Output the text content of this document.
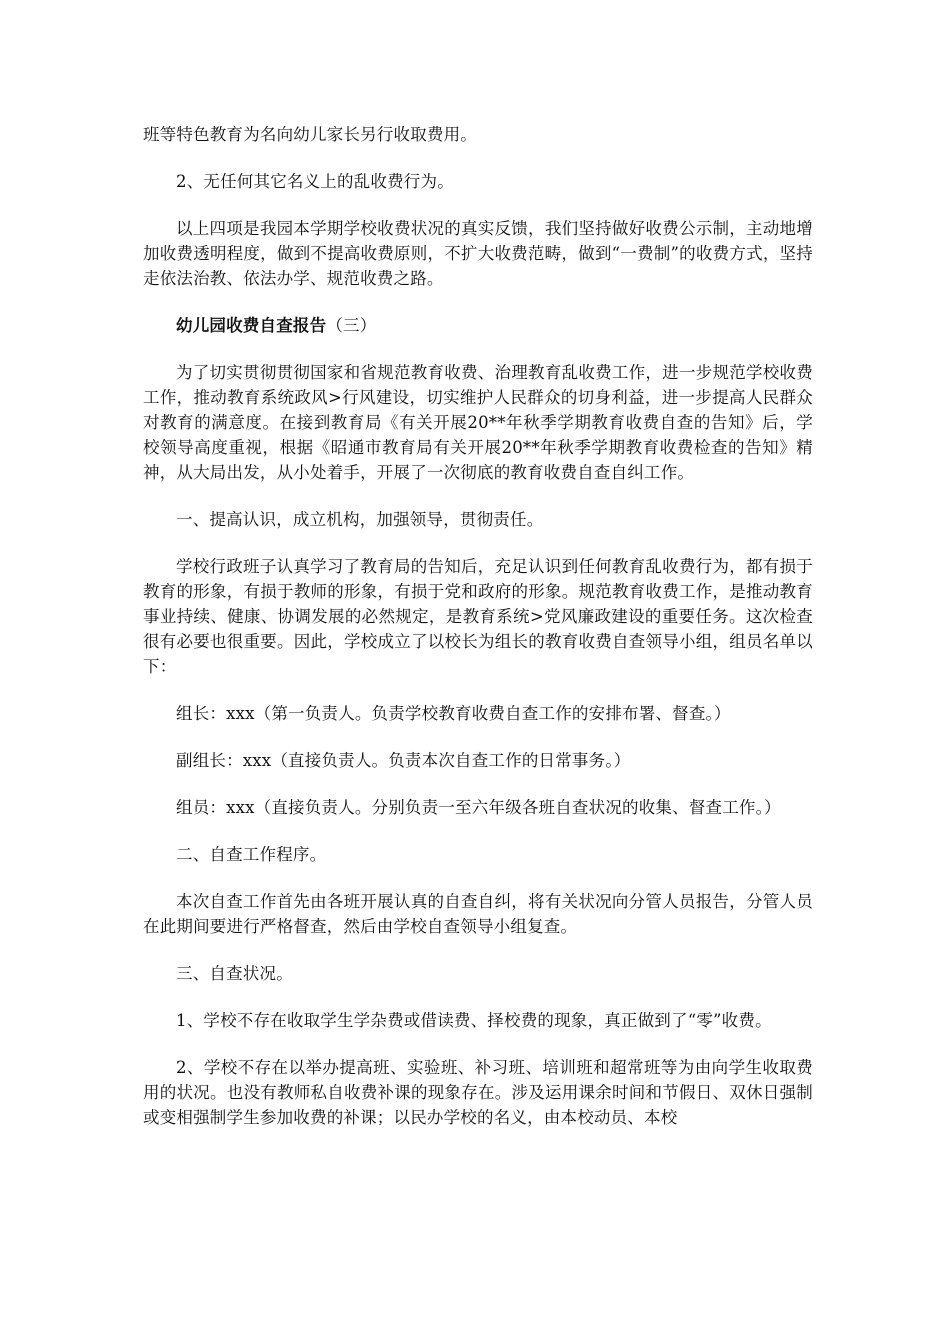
班等特色教育为名向幼儿家长另行收取费用。

2、无任何其它名义上的乱收费行为。

以上四项是我园本学期学校收费状况的真实反馈，我们坚持做好收费公示制，主动地增加收费透明程度，做到不提高收费原则，不扩大收费范畴，做到“一费制”的收费方式，坚持走依法治教、依法办学、规范收费之路。

幼儿园收费自查报告（三）

为了切实贯彻贯彻国家和省规范教育收费、治理教育乱收费工作，进一步规范学校收费工作，推动教育系统政风>行风建设，切实维护人民群众的切身利益，进一步提高人民群众对教育的满意度。在接到教育局《有关开展20**年秋季学期教育收费自查的告知》后，学校领导高度重视，根据《昭通市教育局有关开展20**年秋季学期教育收费检查的告知》精神，从大局出发，从小处着手，开展了一次彻底的教育收费自查自纠工作。

一、提高认识，成立机构，加强领导，贯彻责任。

学校行政班子认真学习了教育局的告知后，充足认识到任何教育乱收费行为，都有损于教育的形象，有损于教师的形象，有损于党和政府的形象。规范教育收费工作，是推动教育事业持续、健康、协调发展的必然规定，是教育系统>党风廉政建设的重要任务。这次检查很有必要也很重要。因此，学校成立了以校长为组长的教育收费自查领导小组，组员名单以下：

组长：xxx（第一负责人。负责学校教育收费自查工作的安排布署、督查。）

副组长：xxx（直接负责人。负责本次自查工作的日常事务。）

组员：xxx（直接负责人。分别负责一至六年级各班自查状况的收集、督查工作。）

二、自查工作程序。

本次自查工作首先由各班开展认真的自查自纠，将有关状况向分管人员报告，分管人员在此期间要进行严格督查，然后由学校自查领导小组复查。

三、自查状况。

1、学校不存在收取学生学杂费或借读费、择校费的现象，真正做到了“零”收费。

2、学校不存在以举办提高班、实验班、补习班、培训班和超常班等为由向学生收取费用的状况。也没有教师私自收费补课的现象存在。涉及运用课余时间和节假日、双休日强制或变相强制学生参加收费的补课；以民办学校的名义，由本校动员、本校
